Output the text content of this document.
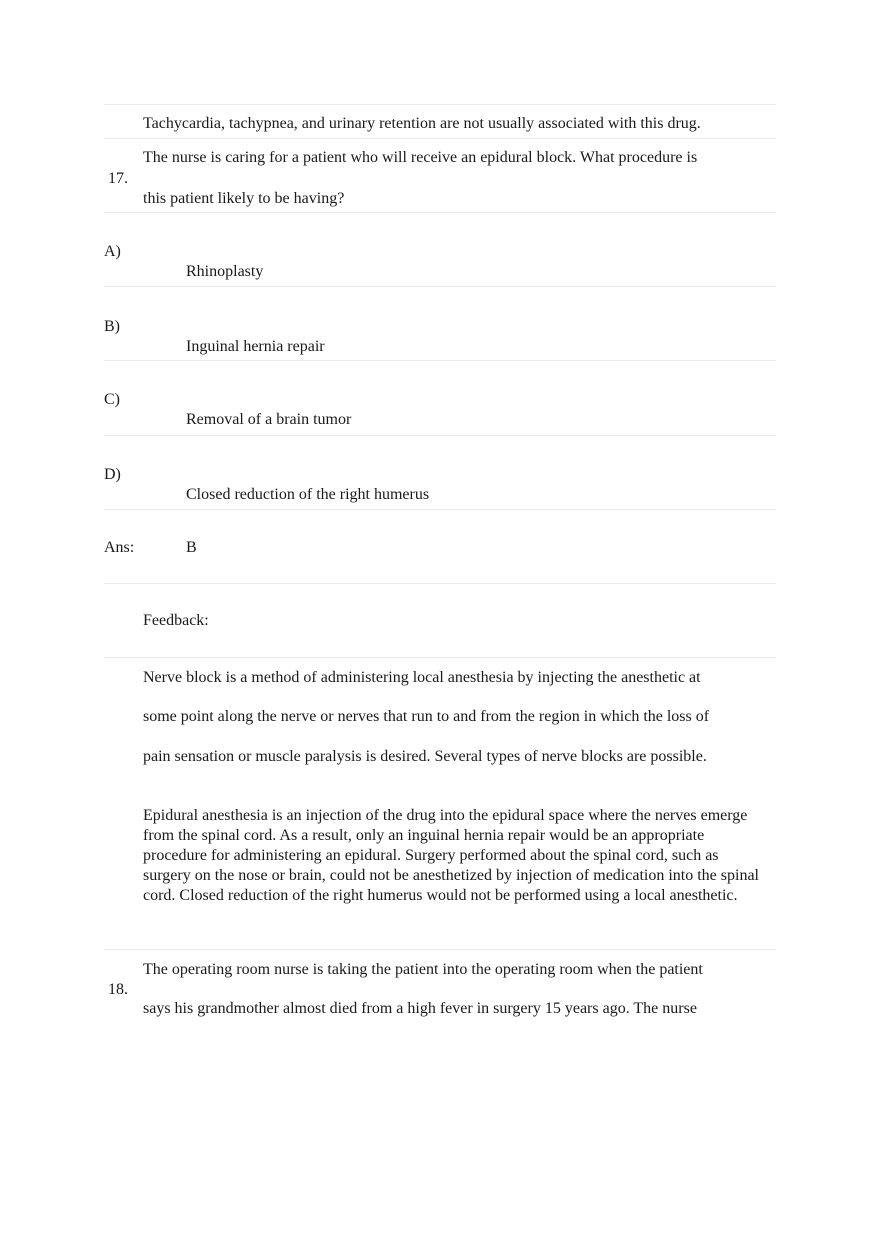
Tachycardia, tachypnea, and urinary retention are not usually associated with this drug.
17.
The nurse is caring for a patient who will receive an epidural block. What procedure is
this patient likely to be having?
A)
Rhinoplasty
B)
Inguinal hernia repair
C)
Removal of a brain tumor
D)
Closed reduction of the right humerus
Ans:	B
Feedback:
Nerve block is a method of administering local anesthesia by injecting the anesthetic at
some point along the nerve or nerves that run to and from the region in which the loss of
pain sensation or muscle paralysis is desired. Several types of nerve blocks are possible.
Epidural anesthesia is an injection of the drug into the epidural space where the nerves emerge from the spinal cord. As a result, only an inguinal hernia repair would be an appropriate procedure for administering an epidural. Surgery performed about the spinal cord, such as surgery on the nose or brain, could not be anesthetized by injection of medication into the spinal cord. Closed reduction of the right humerus would not be performed using a local anesthetic.
18.
The operating room nurse is taking the patient into the operating room when the patient
says his grandmother almost died from a high fever in surgery 15 years ago. The nurse
